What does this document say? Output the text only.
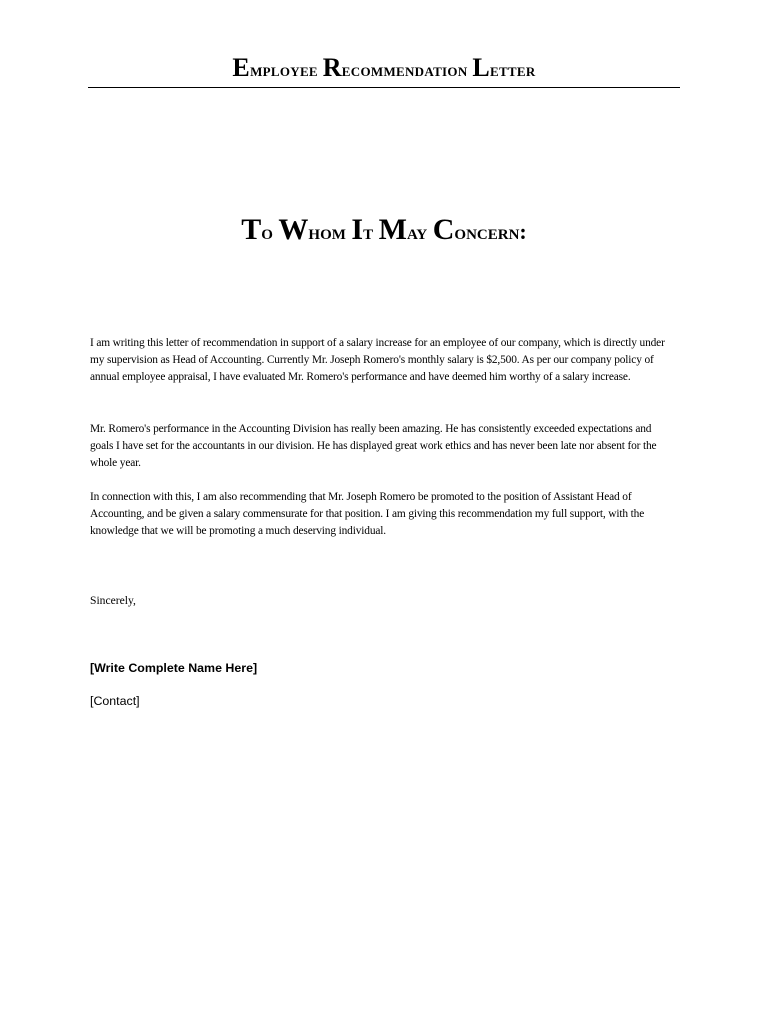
Employee Recommendation Letter
To Whom It May Concern:

I am writing this letter of recommendation in support of a salary increase for an employee of our company, which is directly under my supervision as Head of Accounting. Currently Mr. Joseph Romero's monthly salary is $2,500. As per our company policy of annual employee appraisal, I have evaluated Mr. Romero's performance and have deemed him worthy of a salary increase.

Mr. Romero's performance in the Accounting Division has really been amazing. He has consistently exceeded expectations and goals I have set for the accountants in our division. He has displayed great work ethics and has never been late nor absent for the whole year.

In connection with this, I am also recommending that Mr. Joseph Romero be promoted to the position of Assistant Head of Accounting, and be given a salary commensurate for that position. I am giving this recommendation my full support, with the knowledge that we will be promoting a much deserving individual.

Sincerely,

[Write Complete Name Here]

[Contact]
